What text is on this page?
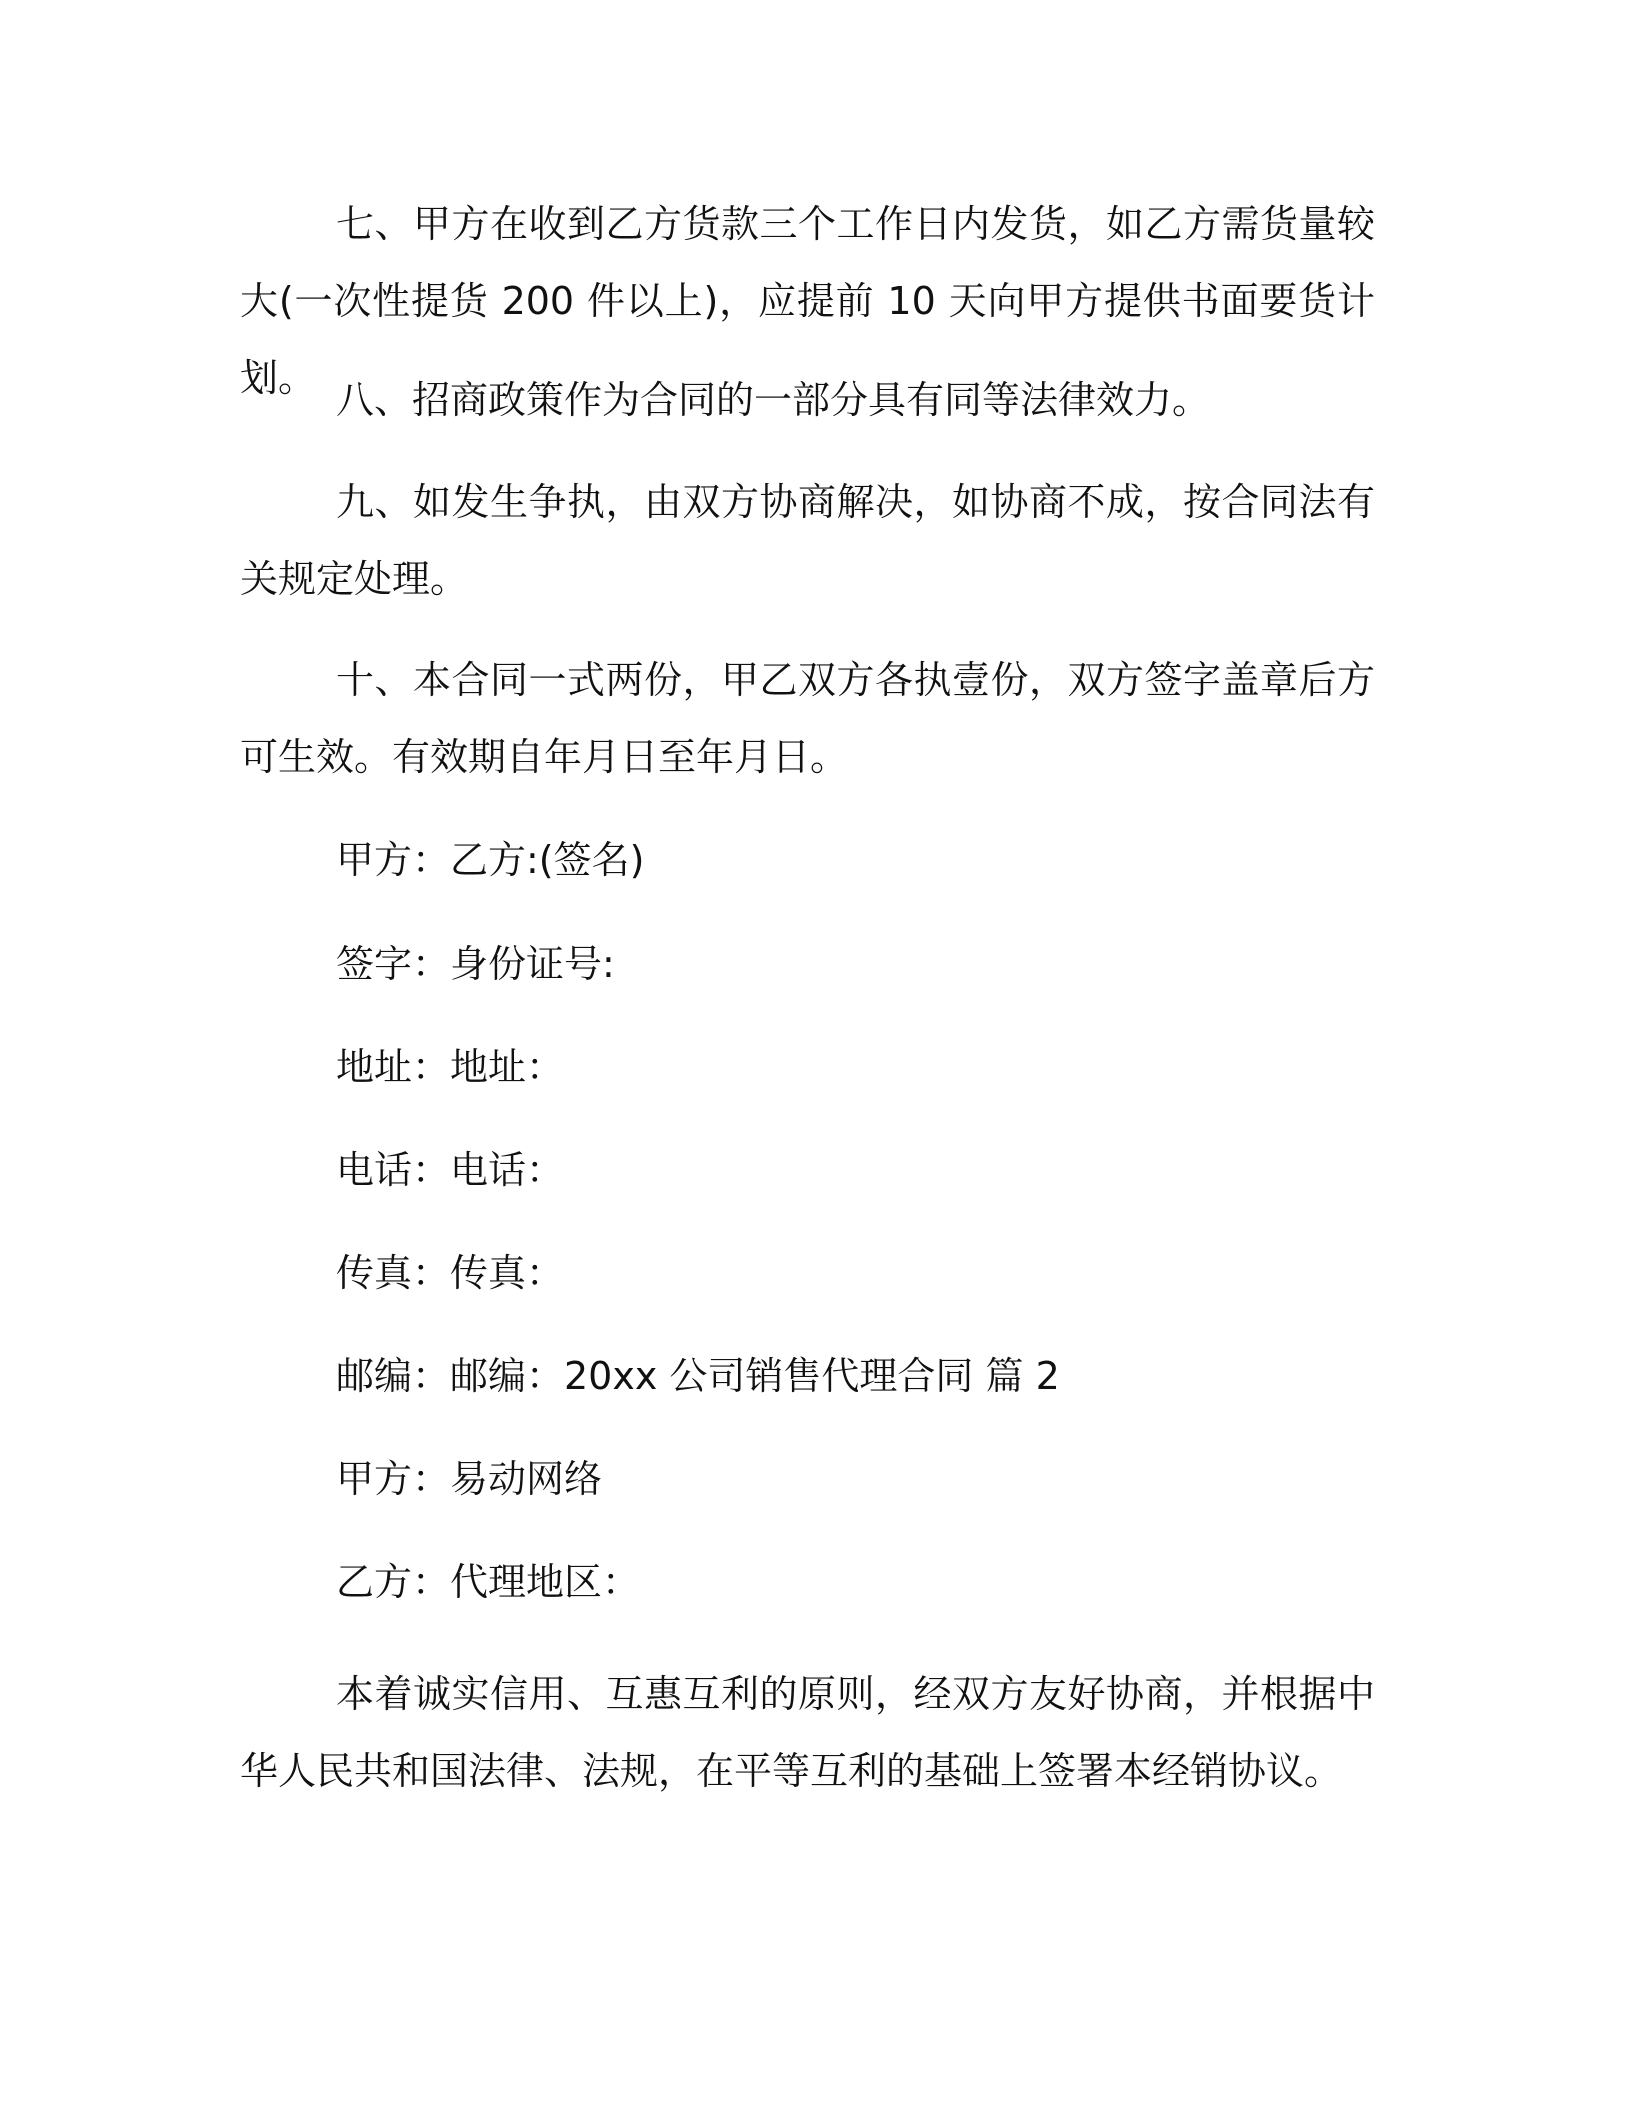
七、甲方在收到乙方货款三个工作日内发货，如乙方需货量较大(一次性提货 200 件以上)，应提前 10 天向甲方提供书面要货计划。 八、招商政策作为合同的一部分具有同等法律效力。

九、如发生争执，由双方协商解决，如协商不成，按合同法有关规定处理。

十、本合同一式两份，甲乙双方各执壹份，双方签字盖章后方可生效。有效期自年月日至年月日。

甲方：乙方:(签名)

签字：身份证号:

地址：地址：

电话：电话：

传真：传真：

邮编：邮编：20xx 公司销售代理合同 篇 2

甲方：易动网络

乙方：代理地区：

本着诚实信用、互惠互利的原则，经双方友好协商，并根据中华人民共和国法律、法规，在平等互利的基础上签署本经销协议。
